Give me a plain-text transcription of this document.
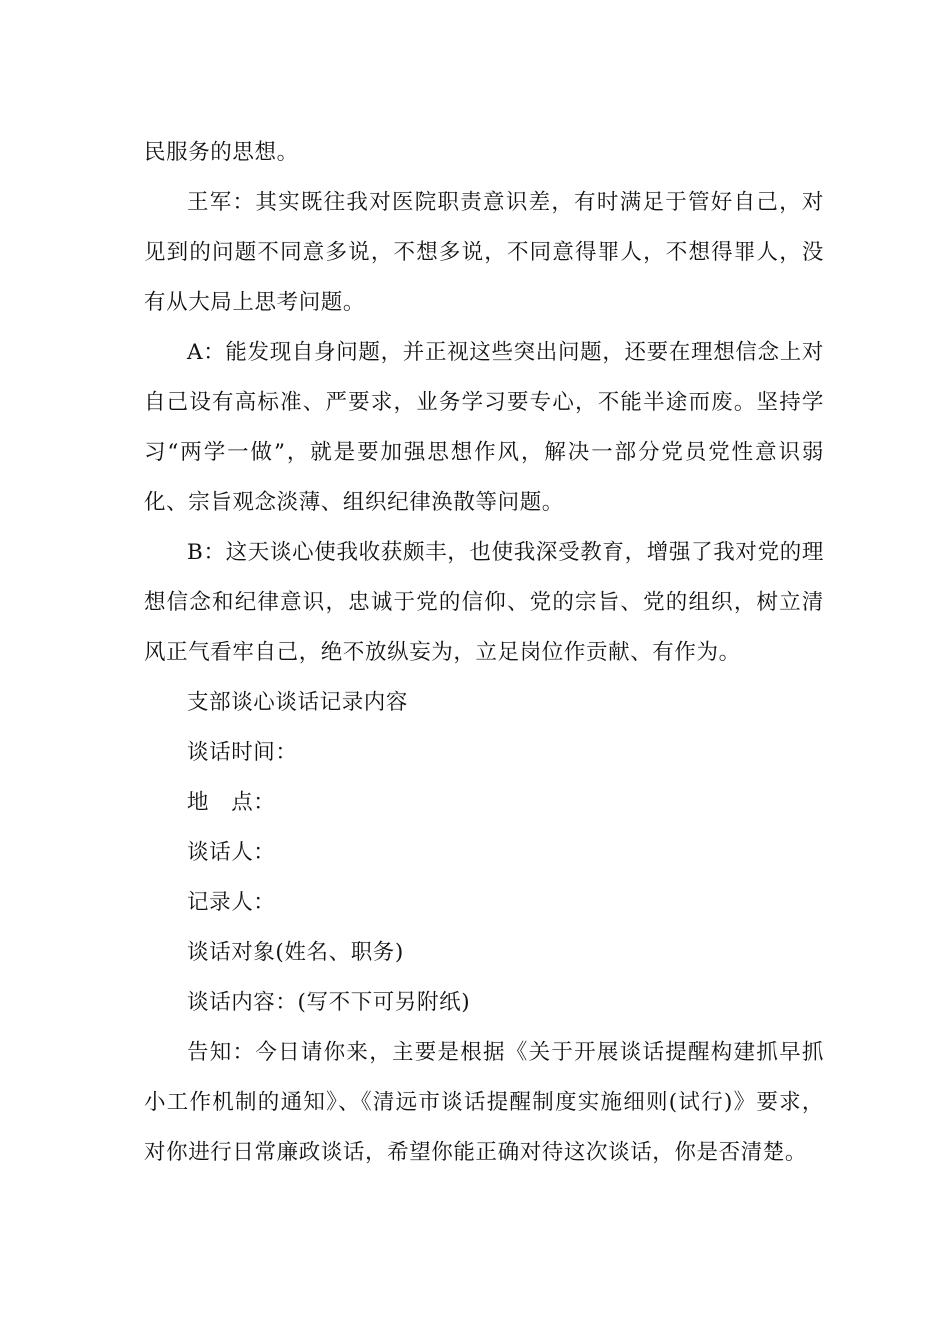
民服务的思想。

王军：其实既往我对医院职责意识差，有时满足于管好自己，对见到的问题不同意多说，不想多说，不同意得罪人，不想得罪人，没有从大局上思考问题。

A：能发现自身问题，并正视这些突出问题，还要在理想信念上对自己设有高标准、严要求，业务学习要专心，不能半途而废。坚持学习“两学一做”，就是要加强思想作风，解决一部分党员党性意识弱化、宗旨观念淡薄、组织纪律涣散等问题。

B：这天谈心使我收获颇丰，也使我深受教育，增强了我对党的理想信念和纪律意识，忠诚于党的信仰、党的宗旨、党的组织，树立清风正气看牢自己，绝不放纵妄为，立足岗位作贡献、有作为。

支部谈心谈话记录内容

谈话时间：

地　点：

谈话人：

记录人：

谈话对象(姓名、职务)

谈话内容：(写不下可另附纸)

告知：今日请你来，主要是根据《关于开展谈话提醒构建抓早抓小工作机制的通知》、《清远市谈话提醒制度实施细则(试行)》要求，对你进行日常廉政谈话，希望你能正确对待这次谈话，你是否清楚。
